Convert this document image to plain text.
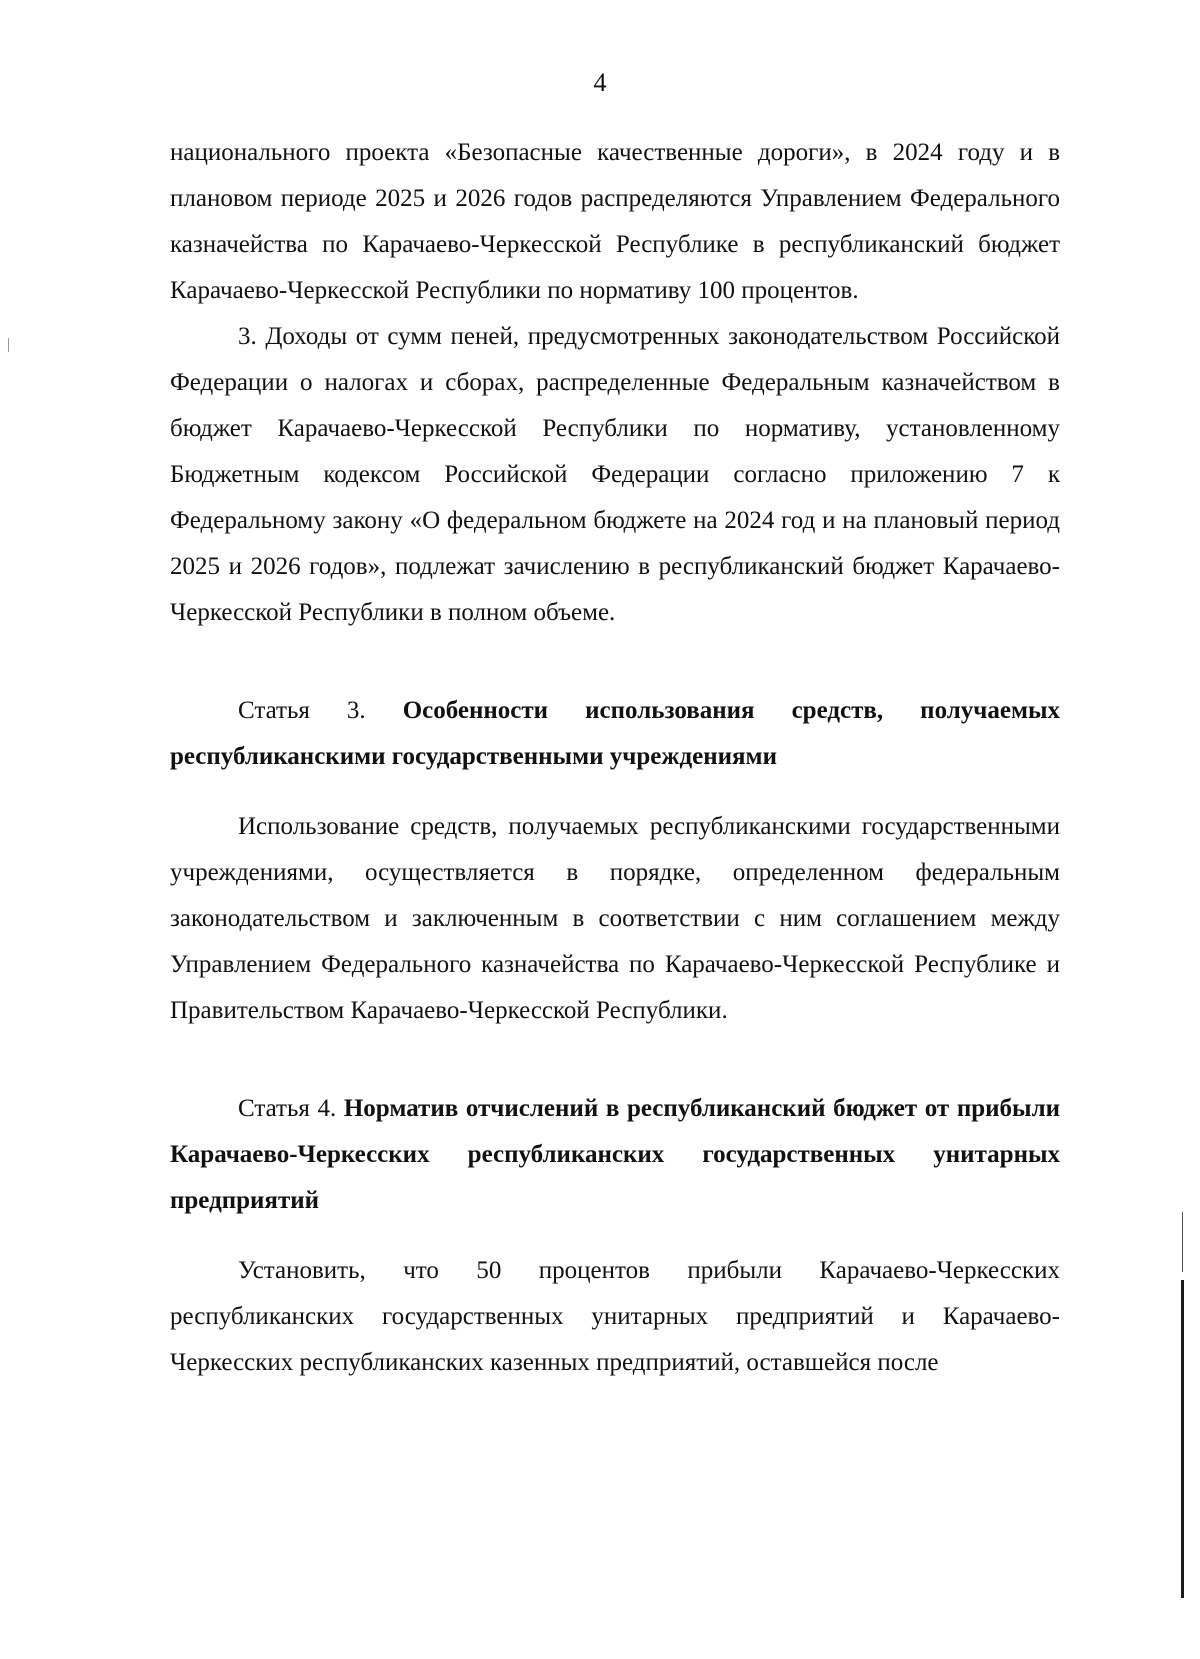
4

национального проекта «Безопасные качественные дороги», в 2024 году и в плановом периоде 2025 и 2026 годов распределяются Управлением Федерального казначейства по Карачаево-Черкесской Республике в республиканский бюджет Карачаево-Черкесской Республики по нормативу 100 процентов.

3. Доходы от сумм пеней, предусмотренных законодательством Российской Федерации о налогах и сборах, распределенные Федеральным казначейством в бюджет Карачаево-Черкесской Республики по нормативу, установленному Бюджетным кодексом Российской Федерации согласно приложению 7 к Федеральному закону «О федеральном бюджете на 2024 год и на плановый период 2025 и 2026 годов», подлежат зачислению в республиканский бюджет Карачаево-Черкесской Республики в полном объеме.

Статья 3. Особенности использования средств, получаемых республиканскими государственными учреждениями

Использование средств, получаемых республиканскими государственными учреждениями, осуществляется в порядке, определенном федеральным законодательством и заключенным в соответствии с ним соглашением между Управлением Федерального казначейства по Карачаево-Черкесской Республике и Правительством Карачаево-Черкесской Республики.

Статья 4. Норматив отчислений в республиканский бюджет от прибыли Карачаево-Черкесских республиканских государственных унитарных предприятий

Установить, что 50 процентов прибыли Карачаево-Черкесских республиканских государственных унитарных предприятий и Карачаево-Черкесских республиканских казенных предприятий, оставшейся после
